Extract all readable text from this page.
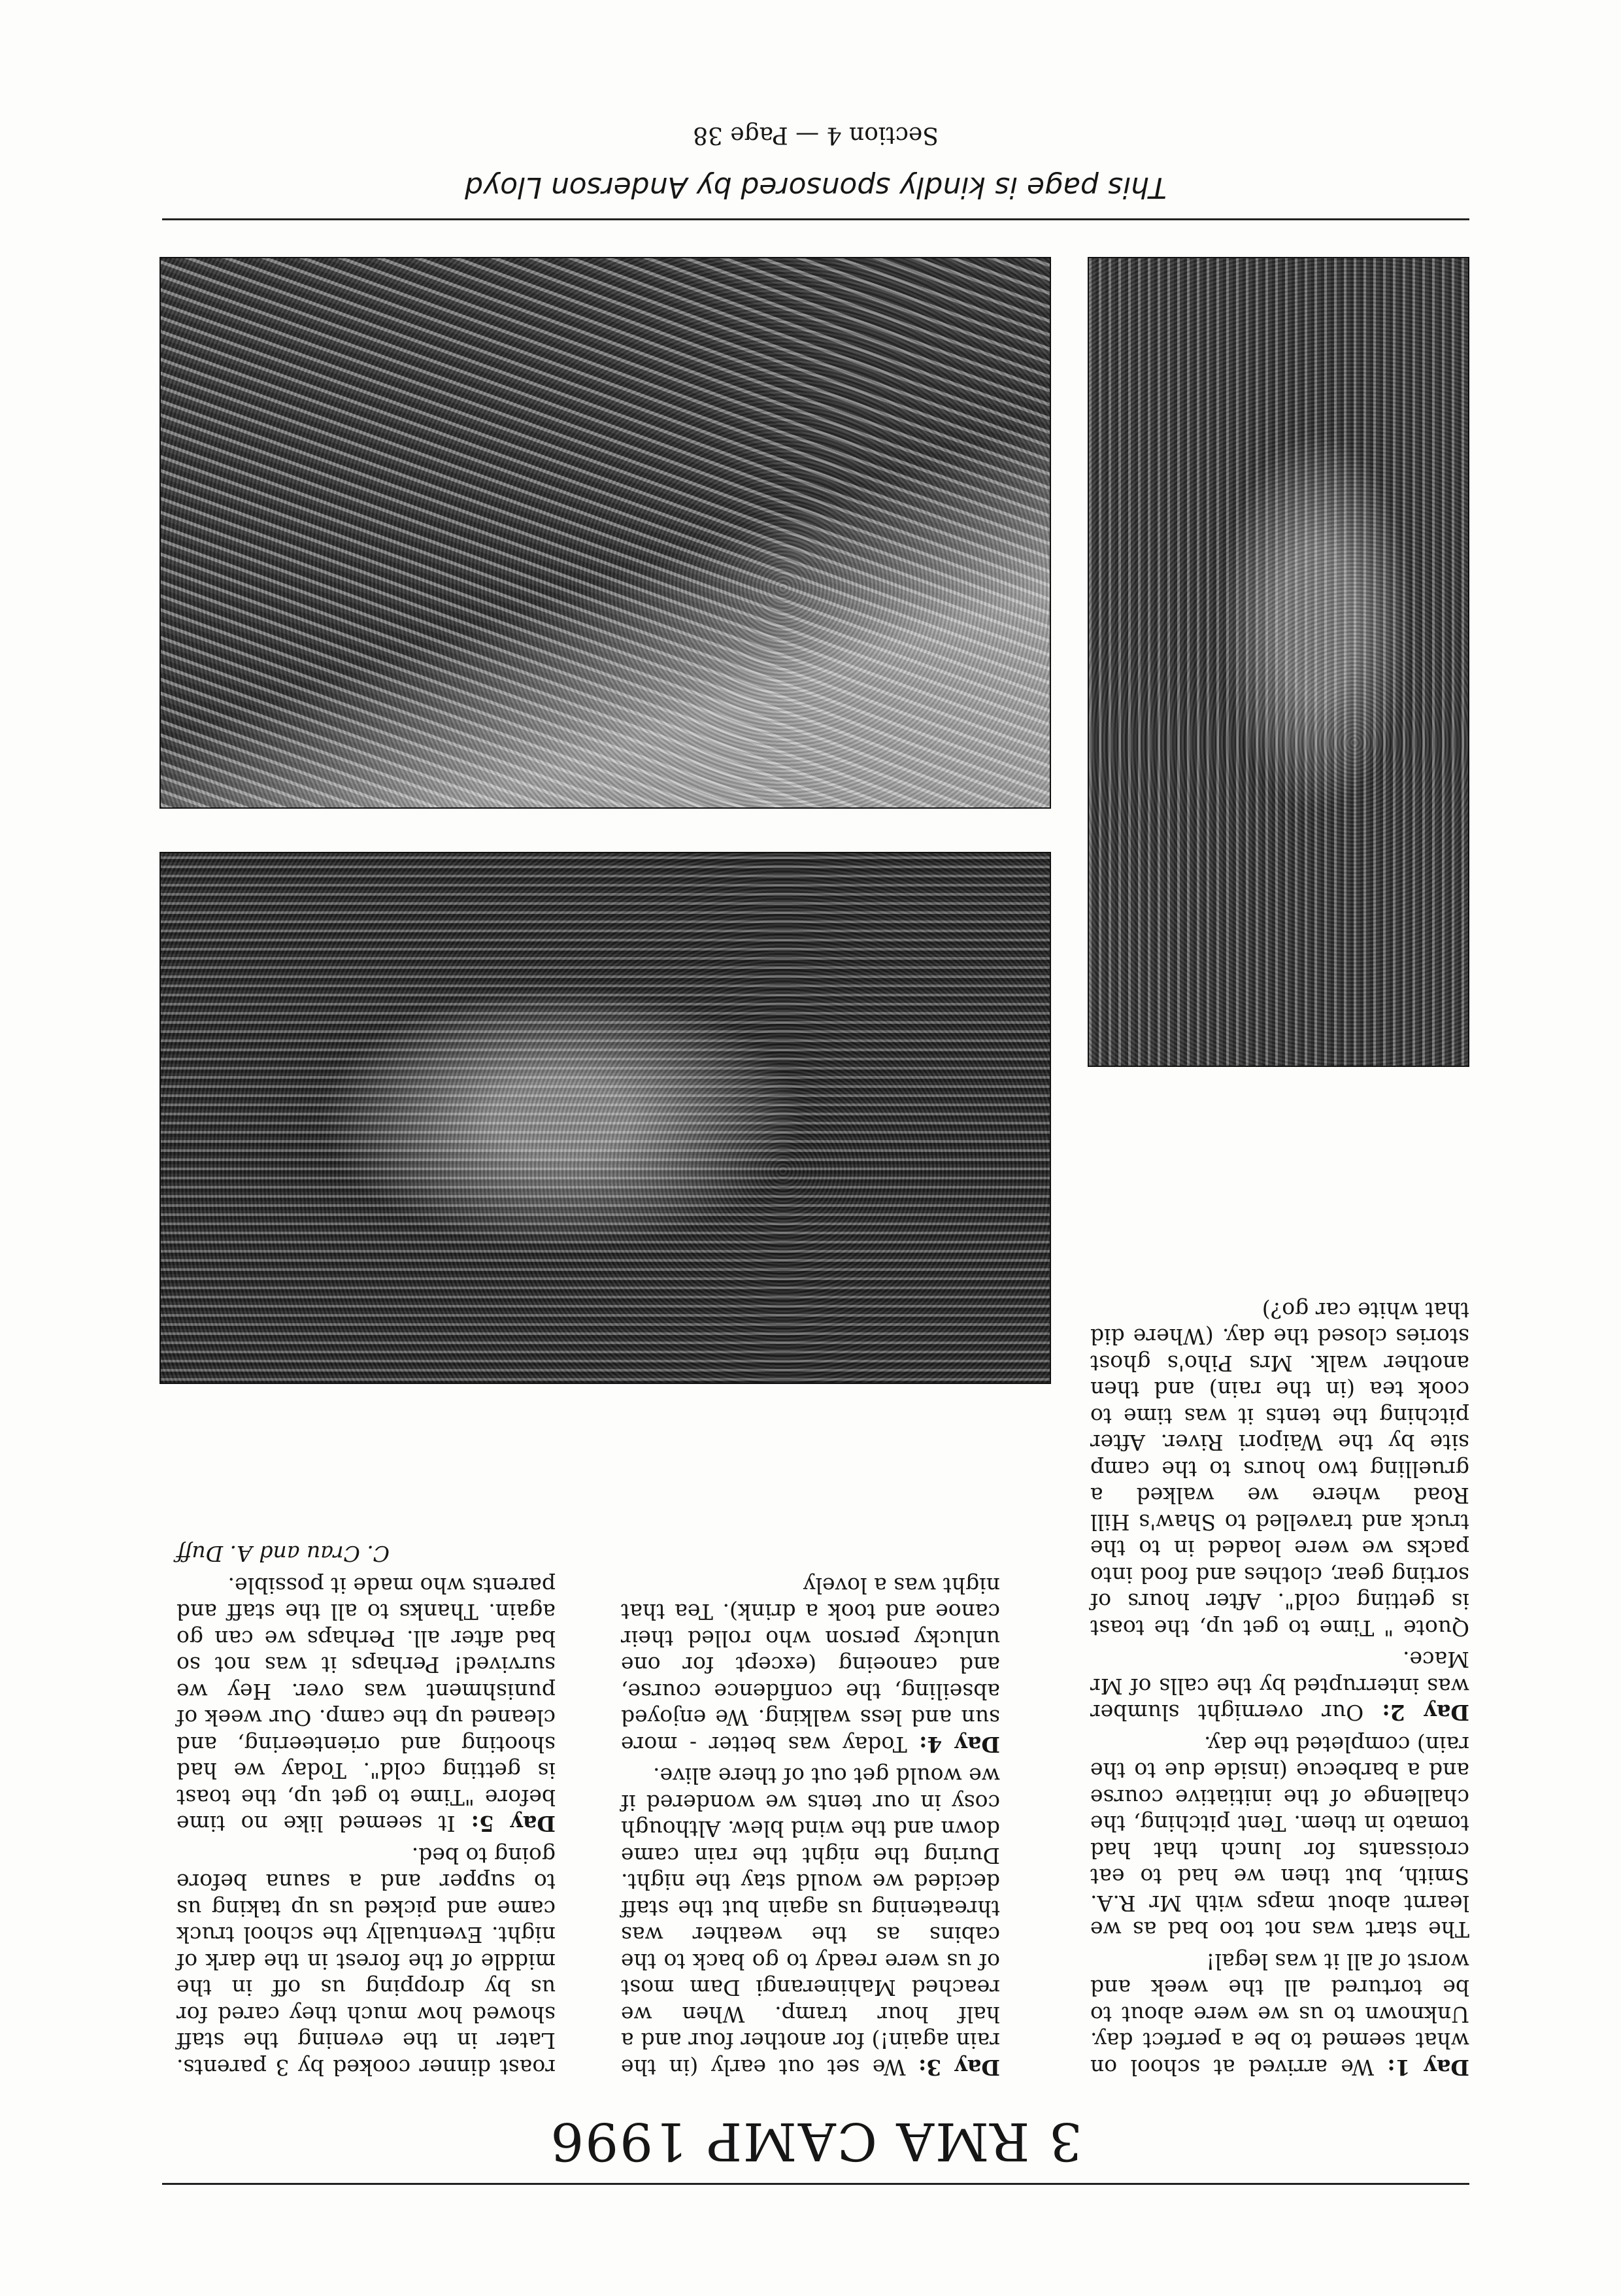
3 RMA CAMP 1996

Day 1: We arrived at school on what seemed to be a perfect day. Unknown to us we were about to be tortured all the week and worst of all it was legal!

The start was not too bad as we learnt about maps with Mr R.A. Smith, but then we had to eat croissants for lunch that had tomato in them. Tent pitching, the challenge of the initiative course and a barbecue (inside due to the rain) completed the day.

Day 2: Our overnight slumber was interrupted by the calls of Mr Mace.

Quote " Time to get up, the toast is getting cold". After hours of sorting gear, clothes and food into packs we were loaded in to the truck and travelled to Shaw's Hill Road where we walked a gruelling two hours to the camp site by the Waipori River. After pitching the tents it was time to cook tea (in the rain) and then another walk. Mrs Piho's ghost stories closed the day. (Where did that white car go?)

Day 3: We set out early (in the rain again!) for another four and a half hour tramp. When we reached Mahinerangi Dam most of us were ready to go back to the cabins as the weather was threatening us again but the staff decided we would stay the night. During the night the rain came down and the wind blew. Although cosy in our tents we wondered if we would get out of there alive.

Day 4: Today was better - more sun and less walking. We enjoyed abseiling, the confidence course, and canoeing (except for one unlucky person who rolled their canoe and took a drink). Tea that night was a lovely

roast dinner cooked by 3 parents. Later in the evening the staff showed how much they cared for us by dropping us off in the middle of the forest in the dark of night. Eventually the school truck came and picked us up taking us to supper and a sauna before going to bed.

Day 5: It seemed like no time before "Time to get up, the toast is getting cold". Today we had shooting and orienteering, and cleaned up the camp. Our week of punishment was over. Hey we survived! Perhaps it was not so bad after all. Perhaps we can go again. Thanks to all the staff and parents who made it possible.

C. Crau and A. Duff

This page is kindly sponsored by Anderson Lloyd
Section 4 — Page 38
